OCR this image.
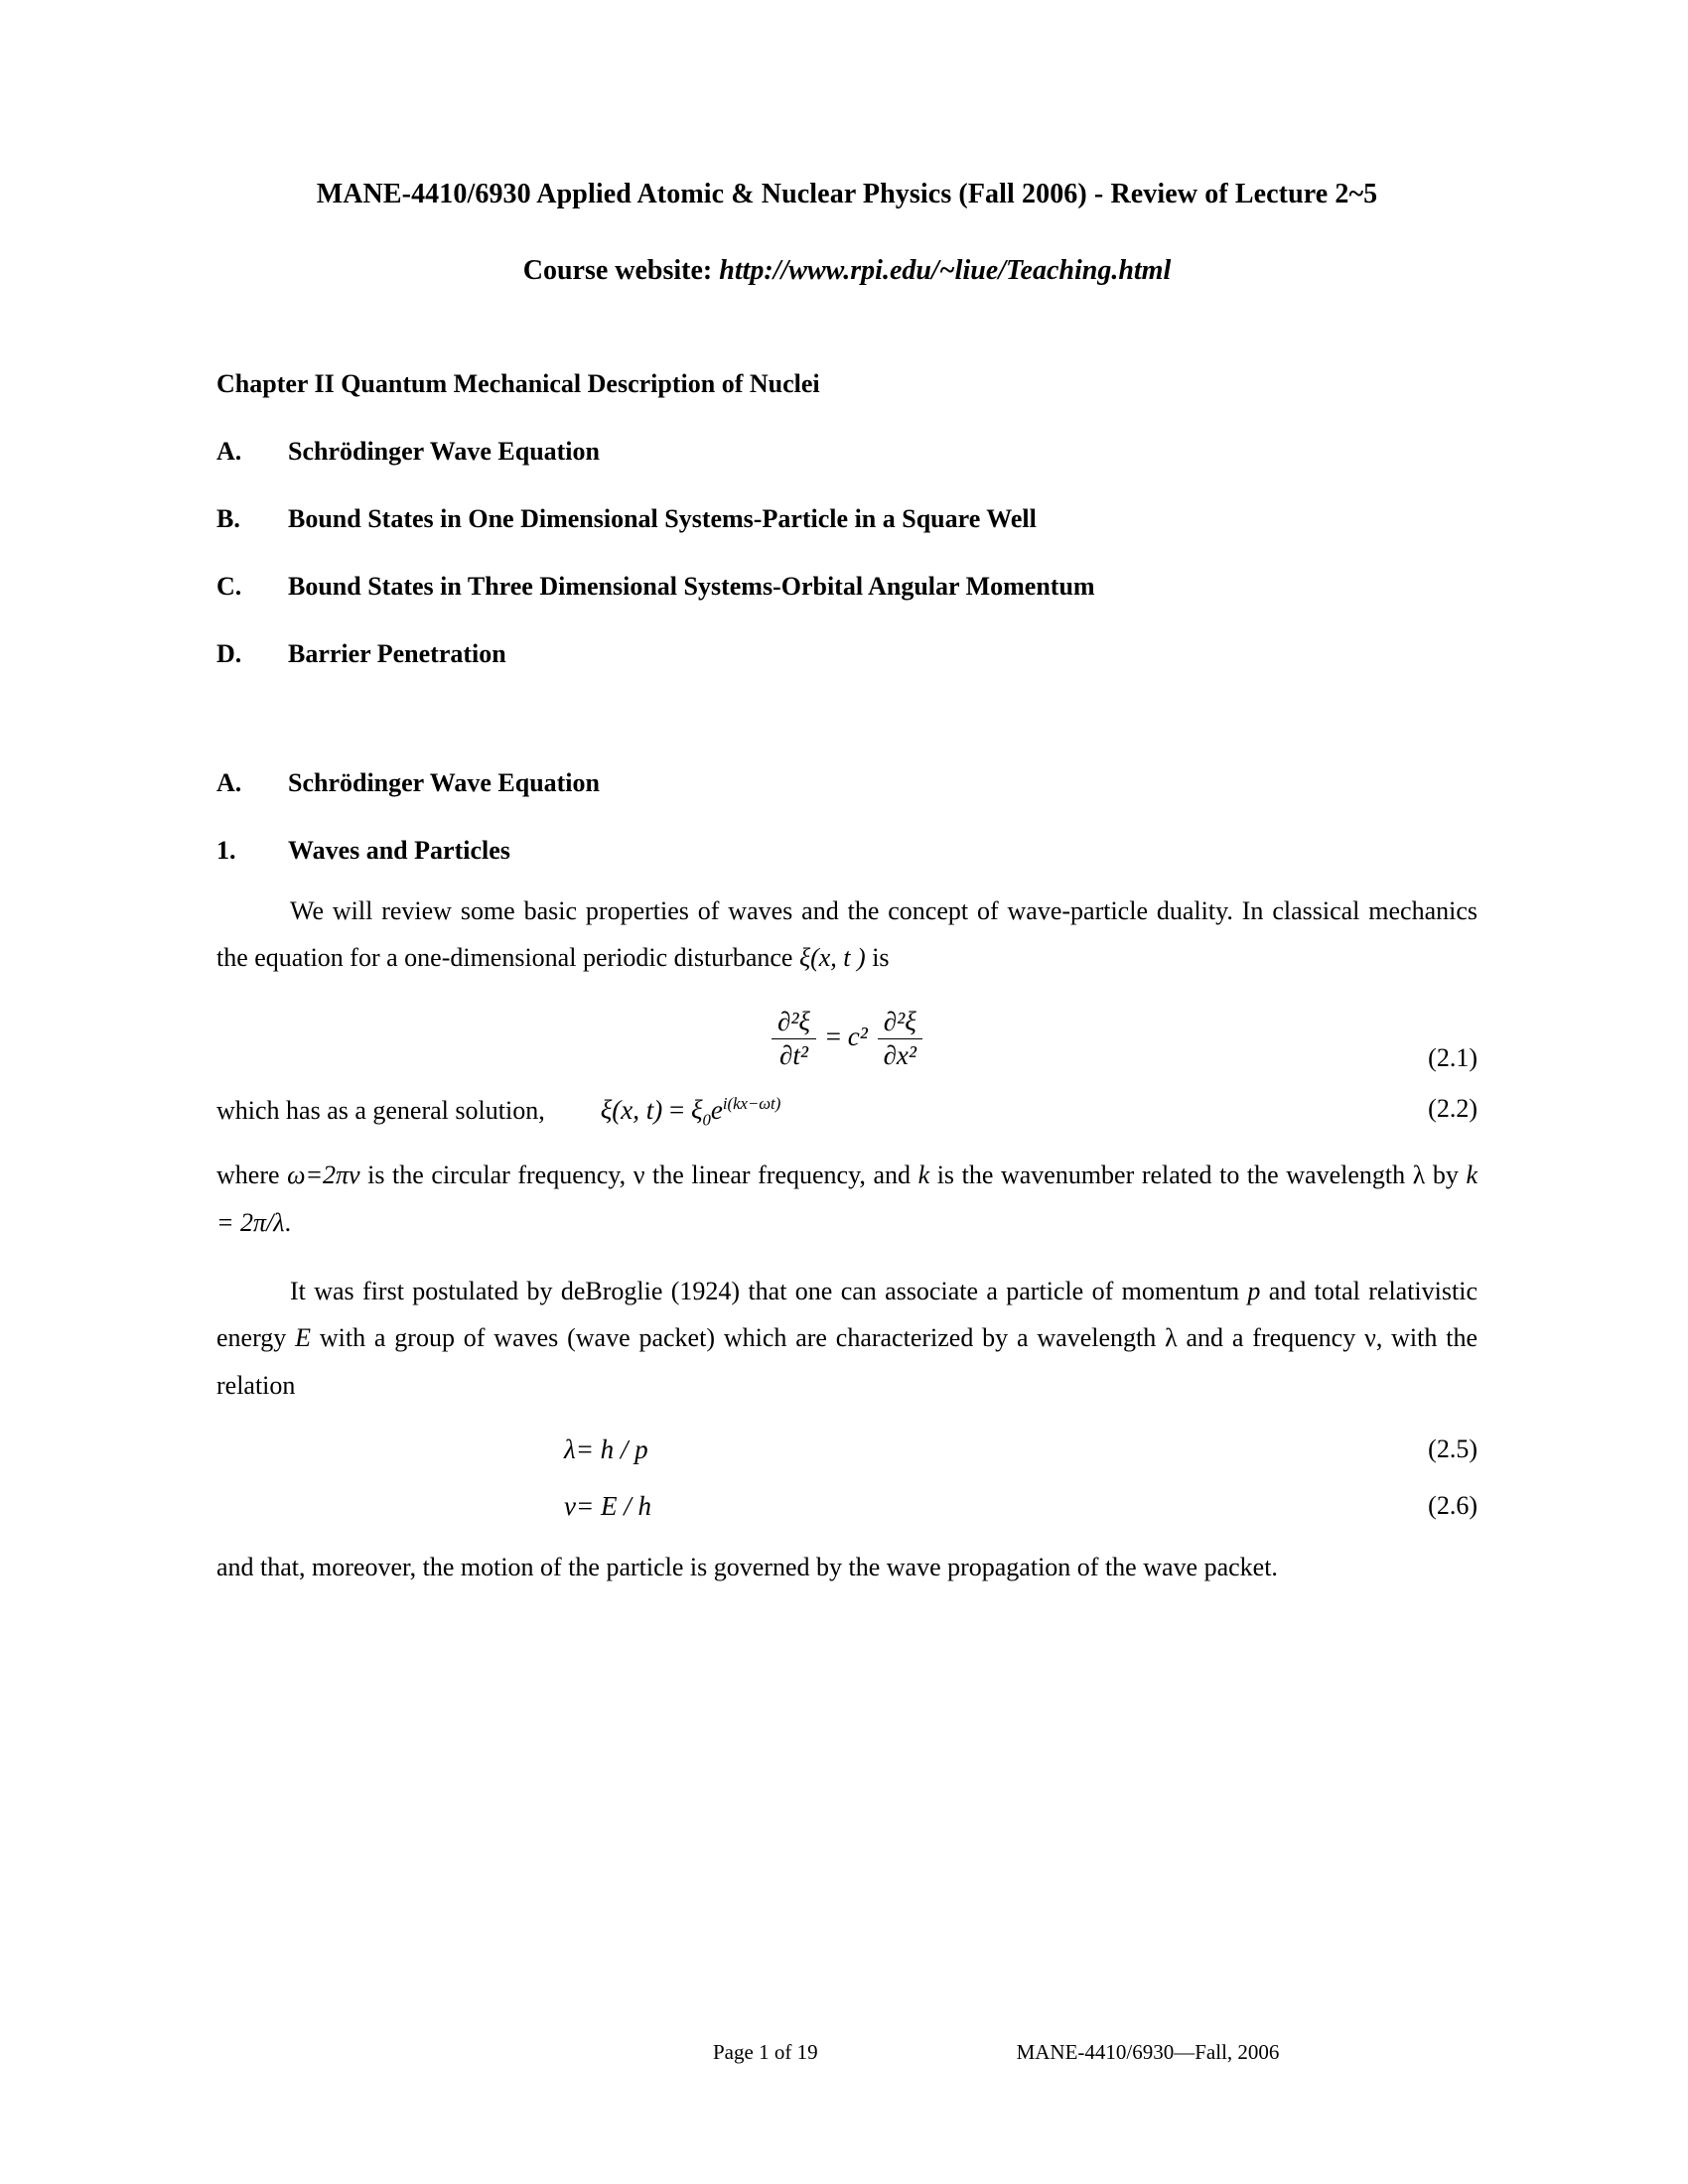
MANE-4410/6930 Applied Atomic & Nuclear Physics (Fall 2006) - Review of Lecture 2~5
Course website: http://www.rpi.edu/~liue/Teaching.html
Chapter II Quantum Mechanical Description of Nuclei
A.	Schrödinger Wave Equation
B.	Bound States in One Dimensional Systems-Particle in a Square Well
C.	Bound States in Three Dimensional Systems-Orbital Angular Momentum
D.	Barrier Penetration
A.	Schrödinger Wave Equation
1.	Waves and Particles

We will review some basic properties of waves and the concept of wave-particle duality. In classical mechanics the equation for a one-dimensional periodic disturbance ξ(x, t ) is

$\frac{\text{∂²ξ}}{\text{∂t²}} = c^2 \frac{\text{∂²ξ}}{\text{∂x²}}$	(2.1)
which has as a general solution, ξ(x, $t) = \xi_0e^{i(kx-\omega t)}$	(2.2)

where ω=2πν is the circular frequency, ν the linear frequency, and k is the wavenumber related to the wavelength λ by k = 2π/λ.

It was first postulated by deBroglie (1924) that one can associate a particle of momentum p and total relativistic energy E with a group of waves (wave packet) which are characterized by a wavelength λ and a frequency ν, with the relation

λ= h / p	(2.5)
ν= E / h	(2.6)

and that, moreover, the motion of the particle is governed by the wave propagation of the wave packet.

Page 1 of 19	MANE-4410/6930—Fall, 2006
